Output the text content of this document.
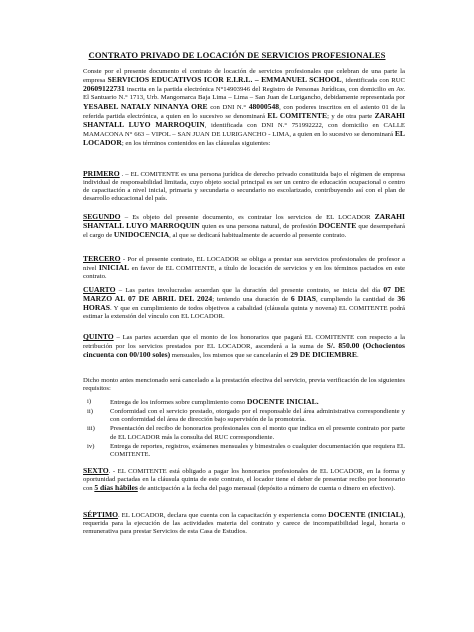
CONTRATO PRIVADO DE LOCACIÓN DE SERVICIOS PROFESIONALES

Conste por el presente documento el contrato de locación de servicios profesionales que celebran de una parte la empresa SERVICIOS EDUCATIVOS ICOR E.I.R.L. – EMMANUEL SCHOOL, identificada con RUC 20609122731 inscrita en la partida electrónica N°14903946 del Registro de Personas Jurídicas, con domicilio en Av. El Santuario N.° 1713, Urb. Mangomarca Baja Lima – Lima – San Juan de Lurigancho, debidamente representada por YESABEL NATALY NINANYA ORE con DNI N.° 48000548, con poderes inscritos en el asiento 01 de la referida partida electrónica, a quien en lo sucesivo se denominará EL COMITENTE; y de otra parte ZARAHI SHANTALL LUYO MARROQUIN, identificada con DNI N.° 751992222, con domicilio en CALLE MAMACONA N° 663 – VIPOL – SAN JUAN DE LURIGANCHO - LIMA, a quien en lo sucesivo se denominará EL LOCADOR; en los términos contenidos en las cláusulas siguientes:

PRIMERO . – EL COMITENTE es una persona jurídica de derecho privado constituida bajo el régimen de empresa individual de responsabilidad limitada, cuyo objeto social principal es ser un centro de educación ocupacional o centro de capacitación a nivel inicial, primaria y secundaria o secundario no escolarizado, contribuyendo así con el plan de desarrollo educacional del país.

SEGUNDO – Es objeto del presente documento, es contratar los servicios de EL LOCADOR ZARAHI SHANTALL LUYO MARROQUIN quien es una persona natural, de profesión DOCENTE que desempeñará el cargo de UNIDOCENCIA, al que se dedicará habitualmente de acuerdo al presente contrato.

TERCERO - Por el presente contrato, EL LOCADOR se obliga a prestar sus servicios profesionales de profesor a nivel INICIAL en favor de EL COMITENTE, a título de locación de servicios y en los términos pactados en este contrato.

CUARTO – Las partes involucradas acuerdan que la duración del presente contrato, se inicia del día 07 DE MARZO AL 07 DE ABRIL DEL 2024; teniendo una duración de 6 DIAS, cumpliendo la cantidad de 36 HORAS. Y que en cumplimiento de todos objetivos a cabalidad (cláusula quinta y novena) EL COMITENTE podrá estimar la extensión del vínculo con EL LOCADOR.

QUINTO – Las partes acuerdan que el monto de los honorarios que pagará EL COMITENTE con respecto a la retribución por los servicios prestados por EL LOCADOR, ascenderá a la suma de S/. 850.00 (Ochocientos cincuenta con 00/100 soles) mensuales, los mismos que se cancelarán el 29 DE DICIEMBRE.

Dicho monto antes mencionado será cancelado a la prestación efectiva del servicio, previa verificación de los siguientes requisitos:

i)	Entrega de los informes sobre cumplimiento como DOCENTE INICIAL.
ii)	Conformidad con el servicio prestado, otorgado por el responsable del área administrativa correspondiente y con conformidad del área de dirección bajo supervisión de la promotoría.
iii)	Presentación del recibo de honorarios profesionales con el monto que indica en el presente contrato por parte de EL LOCADOR más la consulta del RUC correspondiente.
iv)	Entrega de reportes, registros, exámenes mensuales y bimestrales o cualquier documentación que requiera EL COMITENTE.

SEXTO. - EL COMITENTE está obligado a pagar los honorarios profesionales de EL LOCADOR, en la forma y oportunidad pactadas en la cláusula quinta de este contrato, el locador tiene el deber de presentar recibo por honorario con 5 días hábiles de anticipación a la fecha del pago mensual (depósito a número de cuenta o dinero en efectivo).

SÉPTIMO. EL LOCADOR, declara que cuenta con la capacitación y experiencia como DOCENTE (INICIAL), requerida para la ejecución de las actividades materia del contrato y carece de incompatibilidad legal, horaria o remunerativa para prestar Servicios de esta Casa de Estudios.
